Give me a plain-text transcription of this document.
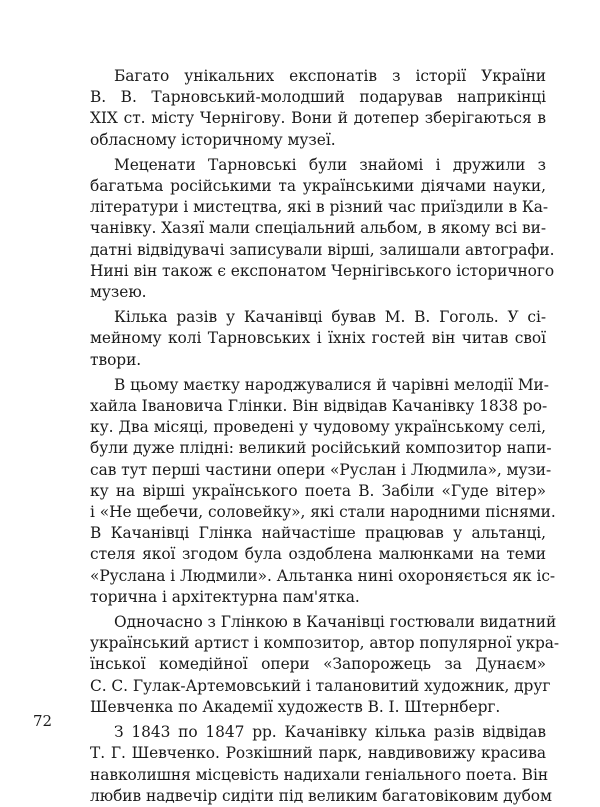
Багато унікальних експонатів з історії України
В. В. Тарновський-молодший подарував наприкінці
XIX ст. місту Чернігову. Вони й дотепер зберігаються в
обласному історичному музеї.

Меценати Тарновські були знайомі і дружили з
багатьма російськими та українськими діячами науки,
літератури і мистецтва, які в різний час приїздили в Ка-
чанівку. Хазяї мали спеціальний альбом, в якому всі ви-
датні відвідувачі записували вірші, залишали автографи.
Нині він також є експонатом Чернігівського історичного
музею.

Кілька разів у Качанівці бував М. В. Гоголь. У сі-
мейному колі Тарновських і їхніх гостей він читав свої
твори.

В цьому маєтку народжувалися й чарівні мелодії Ми-
хайла Івановича Глінки. Він відвідав Качанівку 1838 ро-
ку. Два місяці, проведені у чудовому українському селі,
були дуже плідні: великий російський композитор напи-
сав тут перші частини опери «Руслан і Людмила», музи-
ку на вірші українського поета В. Забіли «Гуде вітер»
і «Не щебечи, соловейку», які стали народними піснями.
В Качанівці Глінка найчастіше працював у альтанці,
стеля якої згодом була оздоблена малюнками на теми
«Руслана і Людмили». Альтанка нині охороняється як іс-
торична і архітектурна пам'ятка.

Одночасно з Глінкою в Качанівці гостювали видатний
український артист і композитор, автор популярної укра-
їнської комедійної опери «Запорожець за Дунаєм»
С. С. Гулак-Артемовський і талановитий художник, друг
Шевченка по Академії художеств В. І. Штернберг.

З 1843 по 1847 рр. Качанівку кілька разів відвідав
Т. Г. Шевченко. Розкішний парк, навдивовижу красива
навколишня місцевість надихали геніального поета. Він
любив надвечір сидіти під великим багатовіковим дубом

72
